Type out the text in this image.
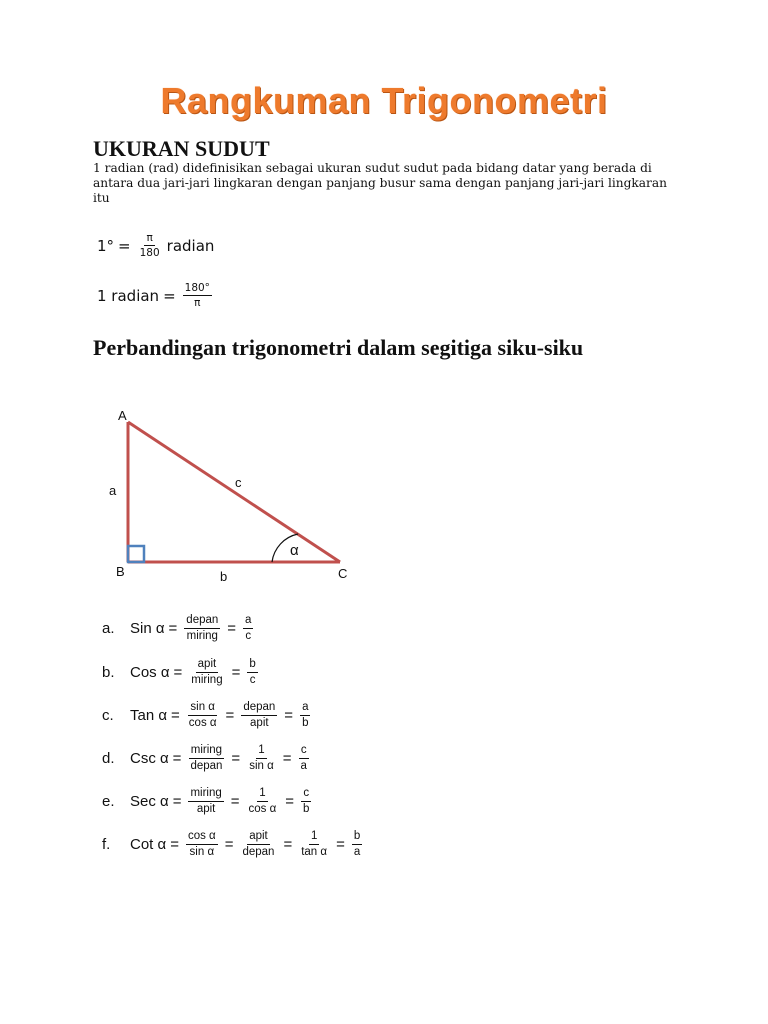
Rangkuman Trigonometri
UKURAN SUDUT
1 radian (rad) didefinisikan sebagai ukuran sudut sudut pada bidang datar yang berada di antara dua jari-jari lingkaran dengan panjang busur sama dengan panjang jari-jari lingkaran itu
$1^\circ = \frac{\pi}{180}$ radian
1 radian = $\frac{180^\circ}{\pi}$
Perbandingan trigonometri dalam segitiga siku-siku
A
B	C
a
b
c
α
a.	Sin $\alpha = \frac{\text{depan}}{\text{miring}} = \frac{a}{c}$
b.	Cos $\alpha = \frac{\text{apit}}{\text{miring}} = \frac{b}{c}$
c.	Tan $\alpha = \frac{\text{sin α}}{\text{cos α}} = \frac{\text{depan}}{\text{apit}} = \frac{a}{b}$
d.	Csc $\alpha = \frac{\text{miring}}{\text{depan}} = \frac{1}{\text{sin α}} = \frac{c}{a}$
e.	Sec $\alpha = \frac{\text{miring}}{\text{apit}} = \frac{1}{\text{cos α}} = \frac{c}{b}$
f.	Cot $\alpha = \frac{\text{cos α}}{\text{sin α}} = \frac{\text{apit}}{\text{depan}} = \frac{1}{\text{tan α}} = \frac{b}{a}$
